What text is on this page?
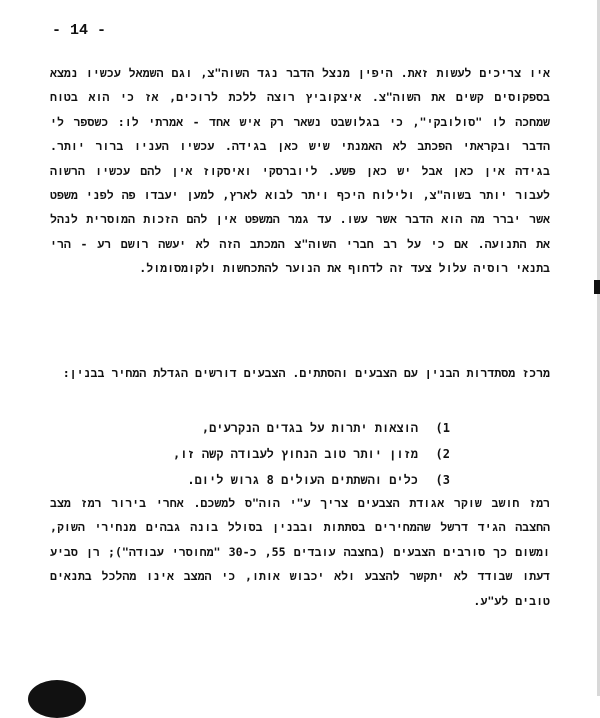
- 14 -
איו צריכים לעשות זאת. היפין מנצל הדבר נגד השוה"צ, וגם השמאל עכשיו נמצא בספקוסים קשים את השוה"צ. איצקוביץ רוצה ללכת לרוכים, אז כי הוא בטוח שמחכה לו "סולובקי", כי בגלושבט נשאר רק איש אחד - אמרתי לו: כשספר לי הדבר ובקראתי הפכתב לא האמנתי שיש כאן בגידה. עכשיו העניו ברור יותר. בגידה אין כאן אבל יש כאן פשע. ליוברסקי ואיסקוז אין להם עכשיו הרשוה לעבור יותר בשוה"צ, ולילוח היכף ויתר לבוא לארץ, למען יעבדו פה לפני משפט אשר יברר מה הוא הדבר אשר עשו. עד גמר המשפט אין להם הזכות המוסרית לנהל את התנועה. אם כי על רב חברי השוה"צ המכתב הזה לא יעשה רושם רע - הרי בתנאי רוסיה עלול צעד זה לדחוף את הנוער להתכחשות ולקומסומול.
מרכז מסתדרות הבנין עם הצבעים והסתתים. הצבעים דורשים הגדלת המחיר בבנין:
1)
הוצאות יתרות על בגדים הנקרעים,
2)
מזון יותר טוב הנחוץ לעבודה קשה זו,
3)
כלים והשתתים העולים 8 גרוש ליום.
רמז חושב שוקר אגודת הצבעים צריך ע"י הוה"ס למשכם. אחרי בירור רמז מצב החצבה הגיד דרשל שהמחירים בסתתות ובבנין בסולל בונה גבהים מנחירי השוק, ומשום כך סורבים הצבעים (בחצבה עובדים 55, כ-30 "מחוסרי עבודה"); רן סביע דעתו שבודד לא יתקשר להצבע ולא יכבוש אותו, כי המצב אינו מהלכל בתנאים טובים לע"ע.
